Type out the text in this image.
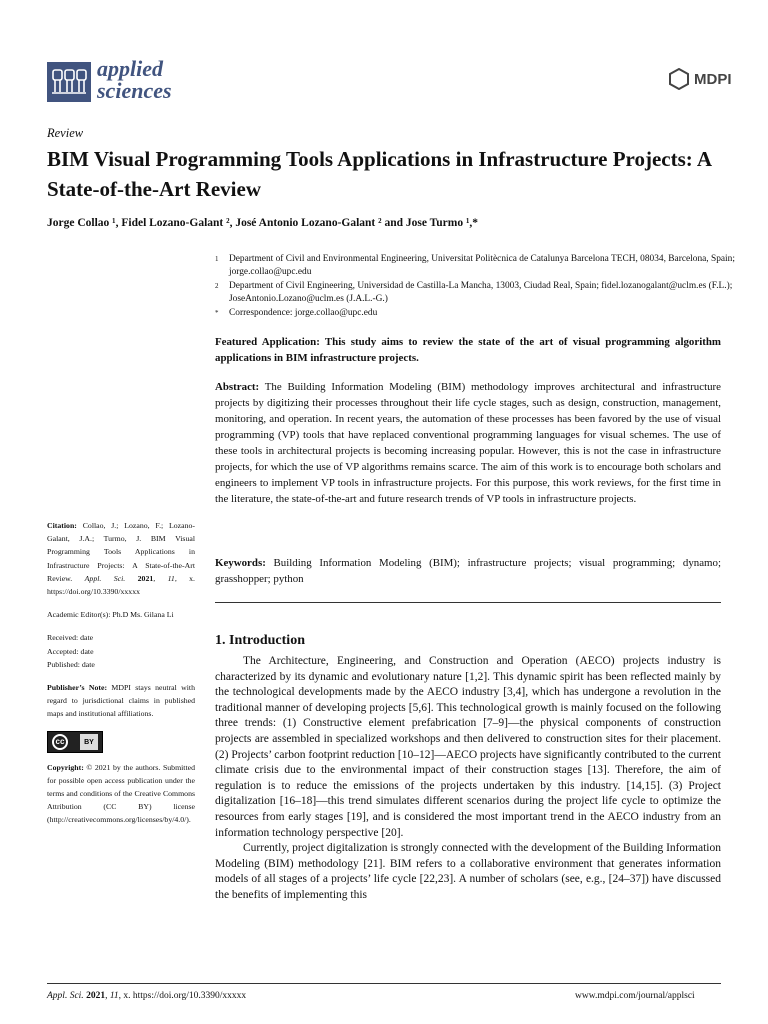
applied
sciences	MDPI
Review
BIM Visual Programming Tools Applications in Infrastructure Projects: A State-of-the-Art Review
Jorge Collao ¹, Fidel Lozano-Galant ², José Antonio Lozano-Galant ² and Jose Turmo ¹,*
1 Department of Civil and Environmental Engineering, Universitat Politècnica de Catalunya Barcelona TECH, 08034, Barcelona, Spain; jorge.collao@upc.edu
2 Department of Civil Engineering, Universidad de Castilla-La Mancha, 13003, Ciudad Real, Spain; fidel.lozanogalant@uclm.es (F.L.); JoseAntonio.Lozano@uclm.es (J.A.L.-G.)
* Correspondence: jorge.collao@upc.edu
Featured Application: This study aims to review the state of the art of visual programming algorithm applications in BIM infrastructure projects.
Abstract: The Building Information Modeling (BIM) methodology improves architectural and infrastructure projects by digitizing their processes throughout their life cycle stages, such as design, construction, management, monitoring, and operation. In recent years, the automation of these processes has been favored by the use of visual programming (VP) tools that have replaced conventional programming languages for visual schemes. The use of these tools in architectural projects is becoming increasing popular. However, this is not the case in infrastructure projects, for which the use of VP algorithms remains scarce. The aim of this work is to encourage both scholars and engineers to implement VP tools in infrastructure projects. For this purpose, this work reviews, for the first time in the literature, the state-of-the-art and future research trends of VP tools in infrastructure projects.
Keywords: Building Information Modeling (BIM); infrastructure projects; visual programming; dynamo; grasshopper; python
1. Introduction

The Architecture, Engineering, and Construction and Operation (AECO) projects industry is characterized by its dynamic and evolutionary nature [1,2]. This dynamic spirit has been reflected mainly by the technological developments made by the AECO industry [3,4], which has undergone a revolution in the traditional manner of developing projects [5,6]. This technological growth is mainly focused on the following three trends: (1) Constructive element prefabrication [7–9]—the physical components of construction projects are assembled in specialized workshops and then delivered to construction sites for their placement. (2) Projects’ carbon footprint reduction [10–12]—AECO projects have significantly contributed to the current climate crisis due to the environmental impact of their construction stages [13]. Therefore, the aim of regulation is to reduce the emissions of the projects undertaken by this industry. [14,15]. (3) Project digitalization [16–18]—this trend simulates different scenarios during the project life cycle to optimize the resources from early stages [19], and is considered the most important trend in the AECO industry from an information technology perspective [20].

Currently, project digitalization is strongly connected with the development of the Building Information Modeling (BIM) methodology [21]. BIM refers to a collaborative environment that generates information models of all stages of a projects’ life cycle [22,23]. A number of scholars (see, e.g., [24–37]) have discussed the benefits of implementing this

Citation: Collao, J.; Lozano, F.; Lozano-Galant, J.A.; Turmo, J. BIM Visual Programming Tools Applications in Infrastructure Projects: A State-of-the-Art Review. Appl. Sci. 2021, 11, x. https://doi.org/10.3390/xxxxx
Academic Editor(s): Ph.D Ms. Gilana Li
Received: date
Accepted: date
Published: date
Publisher’s Note: MDPI stays neutral with regard to jurisdictional claims in published maps and institutional affiliations.
cc	BY
Copyright: © 2021 by the authors. Submitted for possible open access publication under the terms and conditions of the Creative Commons Attribution (CC BY) license (http://creativecommons.org/licenses/by/4.0/).
Appl. Sci. 2021, 11, x. https://doi.org/10.3390/xxxxx	www.mdpi.com/journal/applsci
